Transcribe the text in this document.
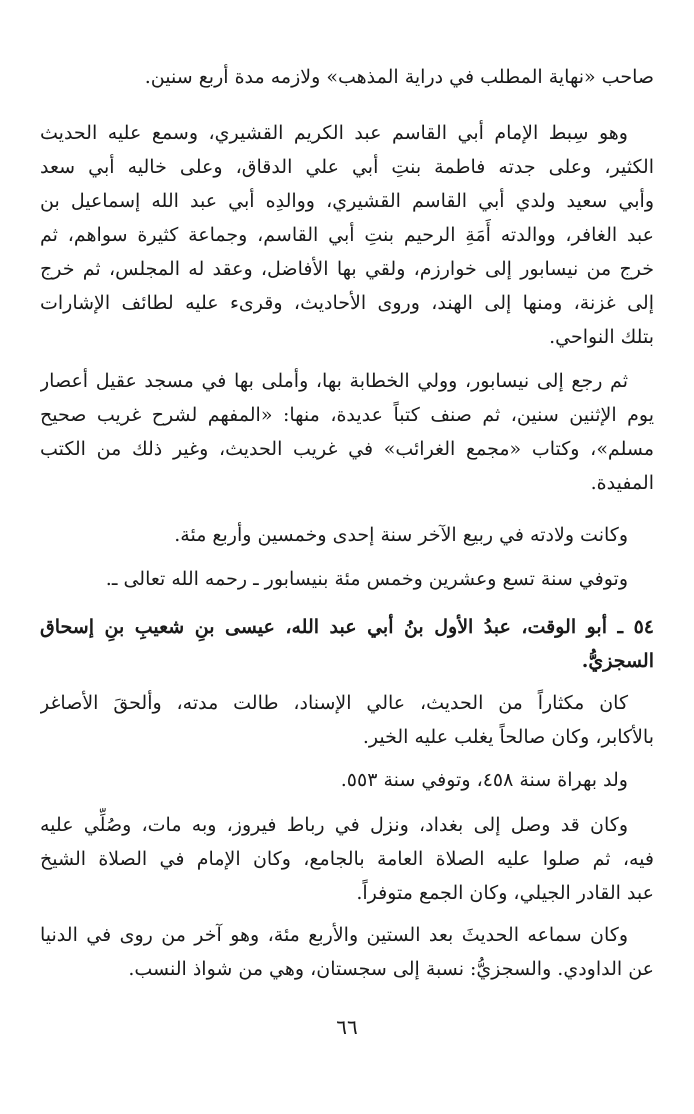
صاحب «نهاية المطلب في دراية المذهب» ولازمه مدة أربع سنين.
وهو سِبط الإمام أبي القاسم عبد الكريم القشيري، وسمع عليه الحديث
الكثير، وعلى جدته فاطمة بنتِ أبي علي الدقاق، وعلى خاليه أبي سعد
وأبي سعيد ولدي أبي القاسم القشيري، ووالدِه أبي عبد الله إسماعيل بن
عبد الغافر، ووالدته أَمَةِ الرحيم بنتِ أبي القاسم، وجماعة كثيرة سواهم، ثم
خرج من نيسابور إلى خوارزم، ولقي بها الأفاضل، وعقد له المجلس، ثم خرج
إلى غزنة، ومنها إلى الهند، وروى الأحاديث، وقرىء عليه لطائف الإشارات
بتلك النواحي.
ثم رجع إلى نيسابور، وولي الخطابة بها، وأملى بها في مسجد عقيل أعصار
يوم الإثنين سنين، ثم صنف كتباً عديدة، منها: «المفهم لشرح غريب صحيح
مسلم»، وكتاب «مجمع الغرائب» في غريب الحديث، وغير ذلك من الكتب
المفيدة.
وكانت ولادته في ربيع الآخر سنة إحدى وخمسين وأربع مئة.
وتوفي سنة تسع وعشرين وخمس مئة بنيسابور ـ رحمه الله تعالى ـ.
٥٤ ـ أبو الوقت، عبدُ الأول بنُ أبي عبد الله، عيسى بنِ شعيبِ بنِ إسحاق
السجزيُّ.
كان مكثاراً من الحديث، عالي الإسناد، طالت مدته، وألحقَ الأصاغر
بالأكابر، وكان صالحاً يغلب عليه الخير.
ولد بهراة سنة ٤٥٨، وتوفي سنة ٥٥٣.
وكان قد وصل إلى بغداد، ونزل في رباط فيروز، وبه مات، وصُلِّي عليه
فيه، ثم صلوا عليه الصلاة العامة بالجامع، وكان الإمام في الصلاة الشيخ
عبد القادر الجيلي، وكان الجمع متوفراً.
وكان سماعه الحديثَ بعد الستين والأربع مئة، وهو آخر من روى في الدنيا
عن الداودي. والسجزيُّ: نسبة إلى سجستان، وهي من شواذ النسب.
٦٦
